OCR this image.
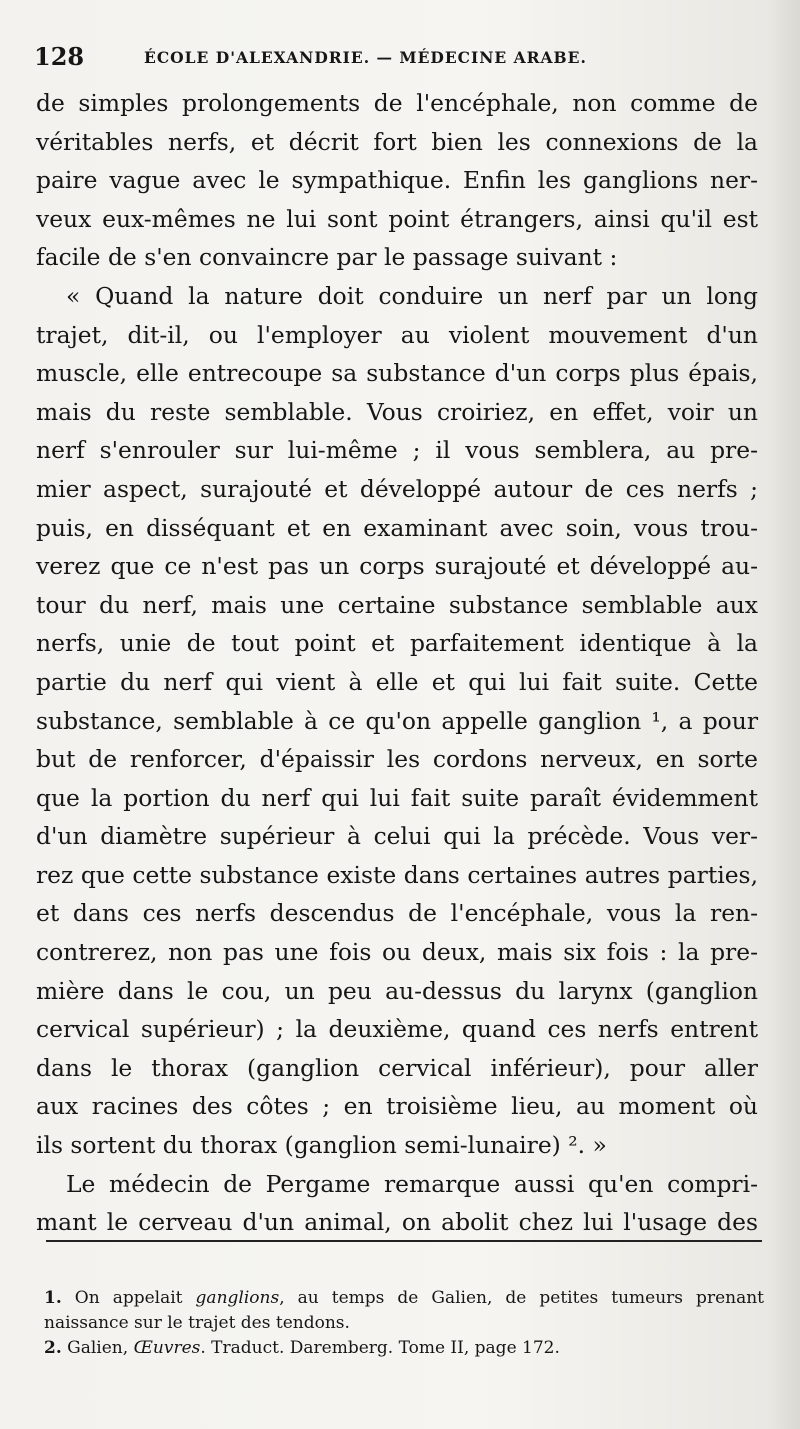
128	ÉCOLE D'ALEXANDRIE. — MÉDECINE ARABE.
de simples prolongements de l'encéphale, non comme de
véritables nerfs, et décrit fort bien les connexions de la
paire vague avec le sympathique. Enfin les ganglions ner-
veux eux-mêmes ne lui sont point étrangers, ainsi qu'il est
facile de s'en convaincre par le passage suivant :
« Quand la nature doit conduire un nerf par un long
trajet, dit-il, ou l'employer au violent mouvement d'un
muscle, elle entrecoupe sa substance d'un corps plus épais,
mais du reste semblable. Vous croiriez, en effet, voir un
nerf s'enrouler sur lui-même ; il vous semblera, au pre-
mier aspect, surajouté et développé autour de ces nerfs ;
puis, en disséquant et en examinant avec soin, vous trou-
verez que ce n'est pas un corps surajouté et développé au-
tour du nerf, mais une certaine substance semblable aux
nerfs, unie de tout point et parfaitement identique à la
partie du nerf qui vient à elle et qui lui fait suite. Cette
substance, semblable à ce qu'on appelle ganglion ¹, a pour
but de renforcer, d'épaissir les cordons nerveux, en sorte
que la portion du nerf qui lui fait suite paraît évidemment
d'un diamètre supérieur à celui qui la précède. Vous ver-
rez que cette substance existe dans certaines autres parties,
et dans ces nerfs descendus de l'encéphale, vous la ren-
contrerez, non pas une fois ou deux, mais six fois : la pre-
mière dans le cou, un peu au-dessus du larynx (ganglion
cervical supérieur) ; la deuxième, quand ces nerfs entrent
dans le thorax (ganglion cervical inférieur), pour aller
aux racines des côtes ; en troisième lieu, au moment où
ils sortent du thorax (ganglion semi-lunaire) ². »
Le médecin de Pergame remarque aussi qu'en compri-
mant le cerveau d'un animal, on abolit chez lui l'usage des
1. On appelait ganglions, au temps de Galien, de petites tumeurs prenant
naissance sur le trajet des tendons.
2. Galien, Œuvres. Traduct. Daremberg. Tome II, page 172.
